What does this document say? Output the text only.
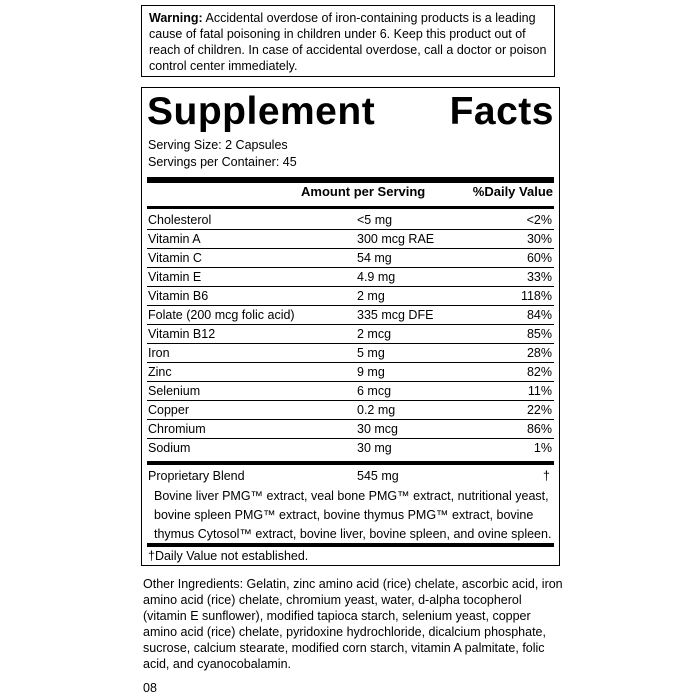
Warning: Accidental overdose of iron-containing products is a leading cause of fatal poisoning in children under 6. Keep this product out of reach of children. In case of accidental overdose, call a doctor or poison control center immediately.
Supplement Facts
Serving Size: 2 Capsules
Servings per Container: 45
Amount per Serving	%Daily Value
Cholesterol	<5 mg	<2%
Vitamin A	300 mcg RAE	30%
Vitamin C	54 mg	60%
Vitamin E	4.9 mg	33%
Vitamin B6	2 mg	118%
Folate (200 mcg folic acid)	335 mcg DFE	84%
Vitamin B12	2 mcg	85%
Iron	5 mg	28%
Zinc	9 mg	82%
Selenium	6 mcg	11%
Copper	0.2 mg	22%
Chromium	30 mcg	86%
Sodium	30 mg	1%
Proprietary Blend	545 mg	†
Bovine liver PMG™ extract, veal bone PMG™ extract, nutritional yeast, bovine spleen PMG™ extract, bovine thymus PMG™ extract, bovine thymus Cytosol™ extract, bovine liver, bovine spleen, and ovine spleen.
†Daily Value not established.
Other Ingredients: Gelatin, zinc amino acid (rice) chelate, ascorbic acid, iron amino acid (rice) chelate, chromium yeast, water, d-alpha tocopherol (vitamin E sunflower), modified tapioca starch, selenium yeast, copper amino acid (rice) chelate, pyridoxine hydrochloride, dicalcium phosphate, sucrose, calcium stearate, modified corn starch, vitamin A palmitate, folic acid, and cyanocobalamin.
08
